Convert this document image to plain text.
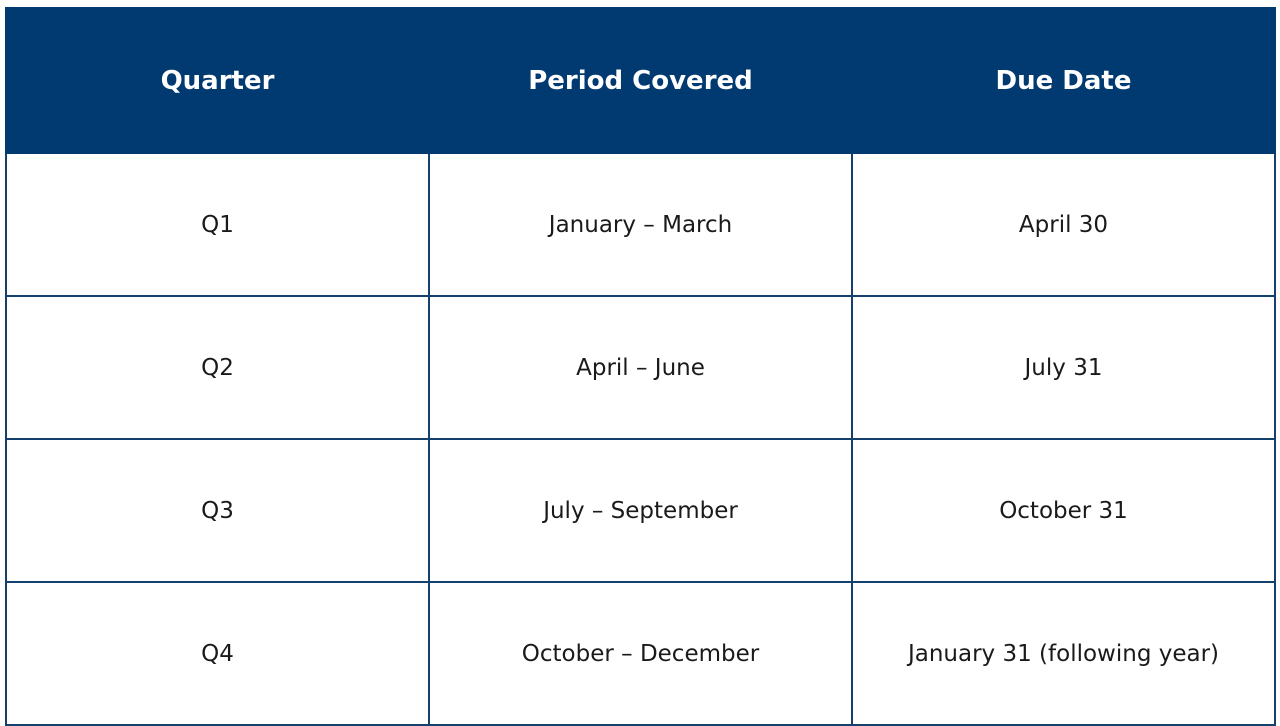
Quarter	Period Covered	Due Date
Q1	January – March	April 30
Q2	April – June	July 31
Q3	July – September	October 31
Q4	October – December	January 31 (following year)
